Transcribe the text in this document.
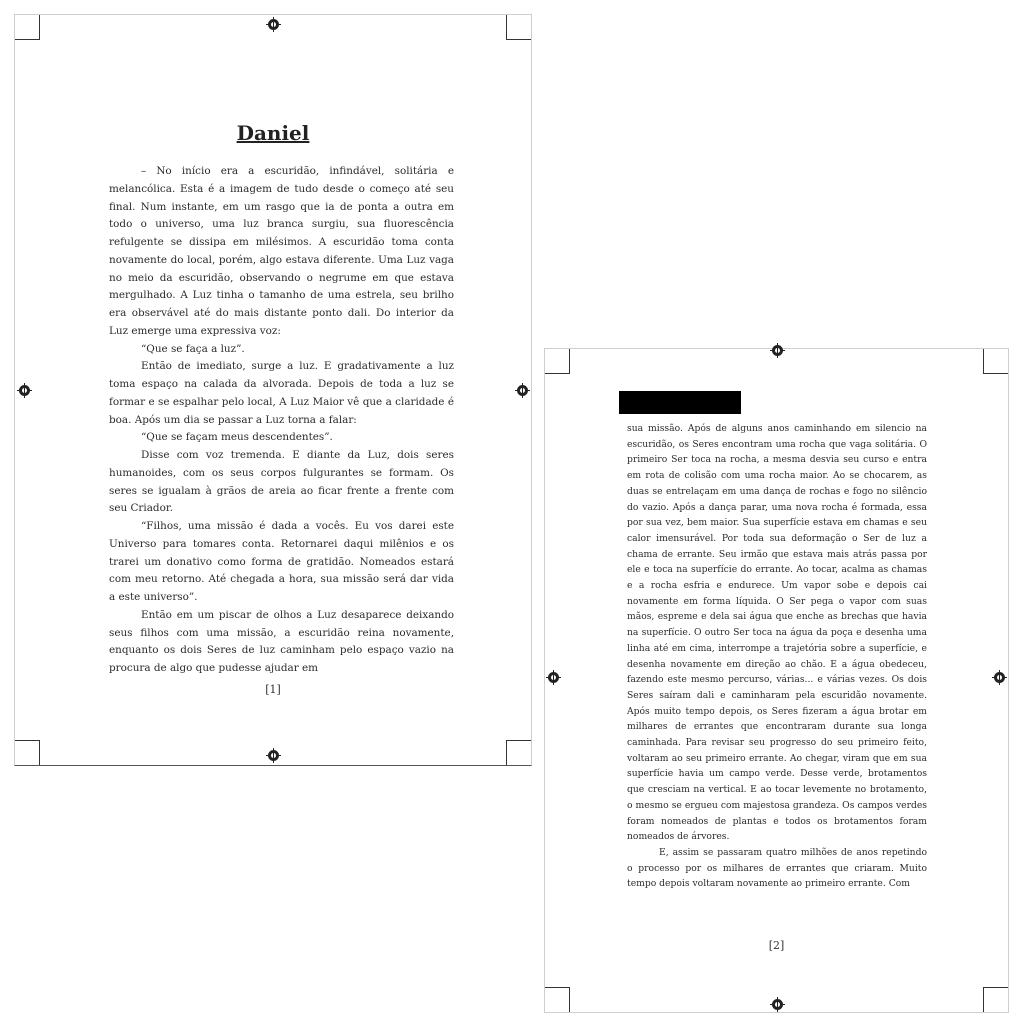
Daniel

– No início era a escuridão, infindável, solitária e melancólica. Esta é a imagem de tudo desde o começo até seu final. Num instante, em um rasgo que ia de ponta a outra em todo o universo, uma luz branca surgiu, sua fluorescência refulgente se dissipa em milésimos. A escuridão toma conta novamente do local, porém, algo estava diferente. Uma Luz vaga no meio da escuridão, observando o negrume em que estava mergulhado. A Luz tinha o tamanho de uma estrela, seu brilho era observável até do mais distante ponto dali. Do interior da Luz emerge uma expressiva voz:

“Que se faça a luz”.

Então de imediato, surge a luz. E gradativamente a luz toma espaço na calada da alvorada. Depois de toda a luz se formar e se espalhar pelo local, A Luz Maior vê que a claridade é boa. Após um dia se passar a Luz torna a falar:

“Que se façam meus descendentes”.

Disse com voz tremenda. E diante da Luz, dois seres humanoides, com os seus corpos fulgurantes se formam. Os seres se igualam à grãos de areia ao ficar frente a frente com seu Criador.

“Filhos, uma missão é dada a vocês. Eu vos darei este Universo para tomares conta. Retornarei daqui milênios e os trarei um donativo como forma de gratidão. Nomeados estará com meu retorno. Até chegada a hora, sua missão será dar vida a este universo”.

Então em um piscar de olhos a Luz desaparece deixando seus filhos com uma missão, a escuridão reina novamente, enquanto os dois Seres de luz caminham pelo espaço vazio na procura de algo que pudesse ajudar em

[1]

sua missão. Após de alguns anos caminhando em silencio na escuridão, os Seres encontram uma rocha que vaga solitária. O primeiro Ser toca na rocha, a mesma desvia seu curso e entra em rota de colisão com uma rocha maior. Ao se chocarem, as duas se entrelaçam em uma dança de rochas e fogo no silêncio do vazio. Após a dança parar, uma nova rocha é formada, essa por sua vez, bem maior. Sua superfície estava em chamas e seu calor imensurável. Por toda sua deformação o Ser de luz a chama de errante. Seu irmão que estava mais atrás passa por ele e toca na superfície do errante. Ao tocar, acalma as chamas e a rocha esfria e endurece. Um vapor sobe e depois cai novamente em forma líquida. O Ser pega o vapor com suas mãos, espreme e dela sai água que enche as brechas que havia na superfície. O outro Ser toca na água da poça e desenha uma linha até em cima, interrompe a trajetória sobre a superfície, e desenha novamente em direção ao chão. E a água obedeceu, fazendo este mesmo percurso, várias... e várias vezes. Os dois Seres saíram dali e caminharam pela escuridão novamente. Após muito tempo depois, os Seres fizeram a água brotar em milhares de errantes que encontraram durante sua longa caminhada. Para revisar seu progresso do seu primeiro feito, voltaram ao seu primeiro errante. Ao chegar, viram que em sua superfície havia um campo verde. Desse verde, brotamentos que cresciam na vertical. E ao tocar levemente no brotamento, o mesmo se ergueu com majestosa grandeza. Os campos verdes foram nomeados de plantas e todos os brotamentos foram nomeados de árvores.

E, assim se passaram quatro milhões de anos repetindo o processo por os milhares de errantes que criaram. Muito tempo depois voltaram novamente ao primeiro errante. Com

[2]
